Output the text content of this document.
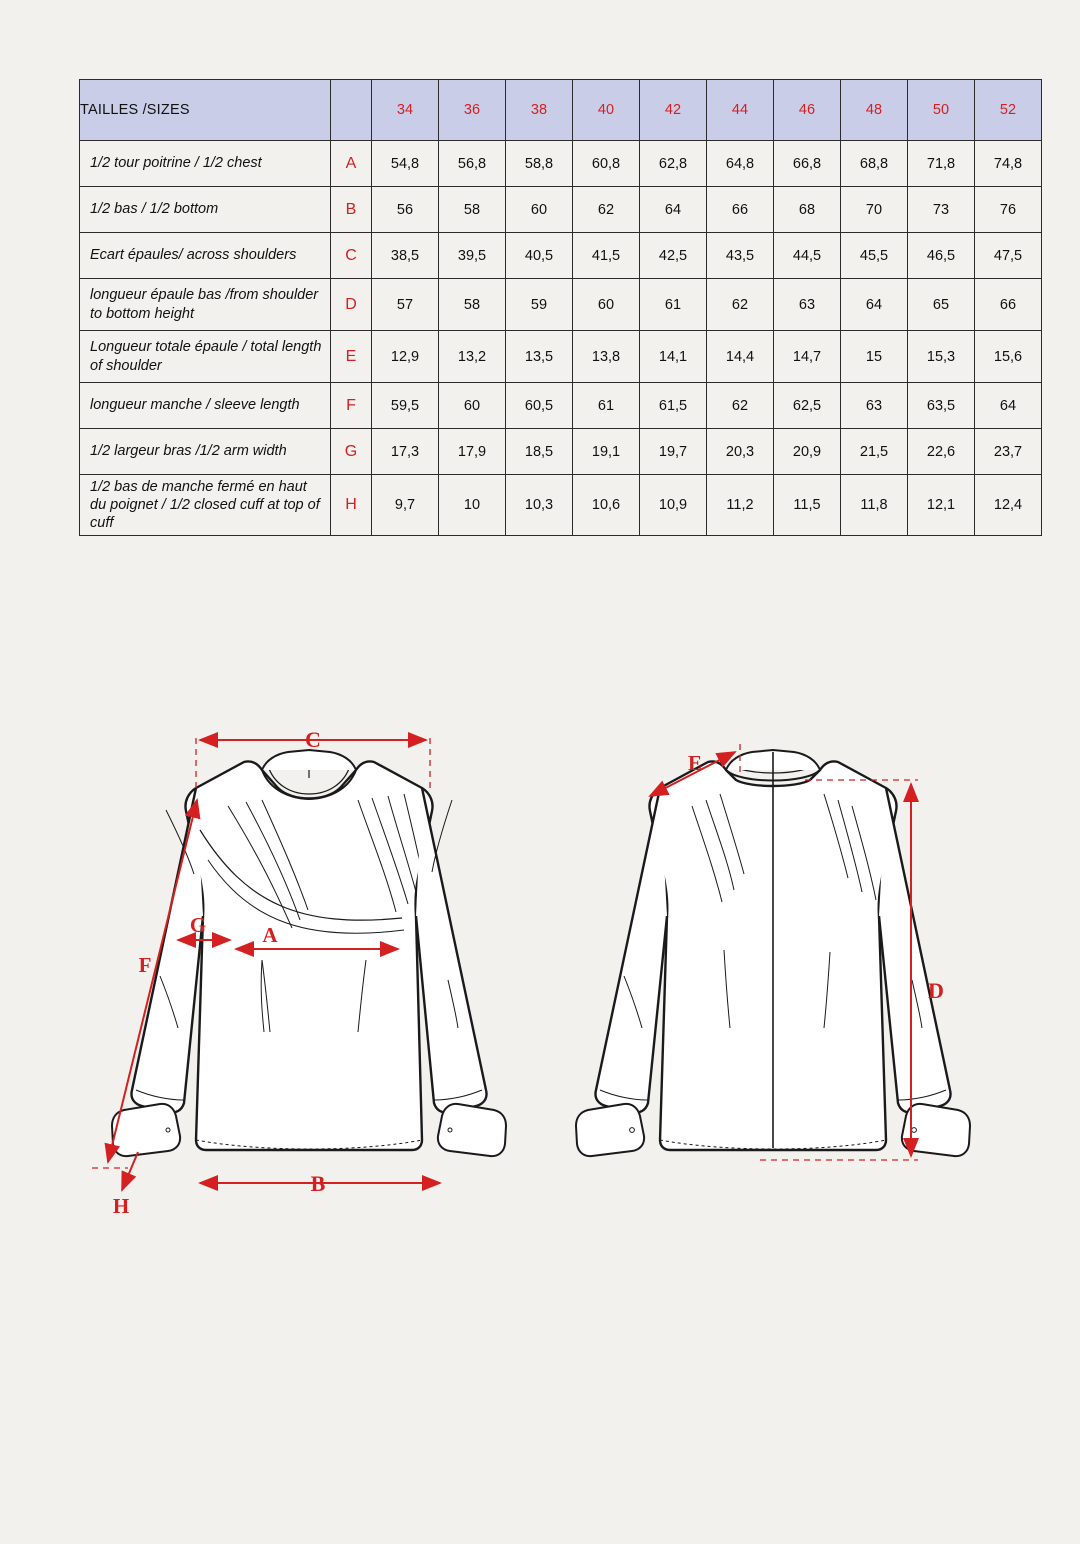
TAILLES /SIZES		34	36	38	40	42	44	46	48	50	52
1/2 tour poitrine / 1/2 chest	A	54,8	56,8	58,8	60,8	62,8	64,8	66,8	68,8	71,8	74,8
1/2 bas / 1/2 bottom	B	56	58	60	62	64	66	68	70	73	76
Ecart épaules/ across shoulders	C	38,5	39,5	40,5	41,5	42,5	43,5	44,5	45,5	46,5	47,5
longueur épaule bas /from shoulder to bottom height	D	57	58	59	60	61	62	63	64	65	66
Longueur totale épaule / total length of shoulder	E	12,9	13,2	13,5	13,8	14,1	14,4	14,7	15	15,3	15,6
longueur manche / sleeve length	F	59,5	60	60,5	61	61,5	62	62,5	63	63,5	64
1/2 largeur bras /1/2 arm width	G	17,3	17,9	18,5	19,1	19,7	20,3	20,9	21,5	22,6	23,7
1/2 bas de manche fermé en haut du poignet / 1/2 closed cuff at top of cuff	H	9,7	10	10,3	10,6	10,9	11,2	11,5	11,8	12,1	12,4
C
G	A
F
H
B
E
D
